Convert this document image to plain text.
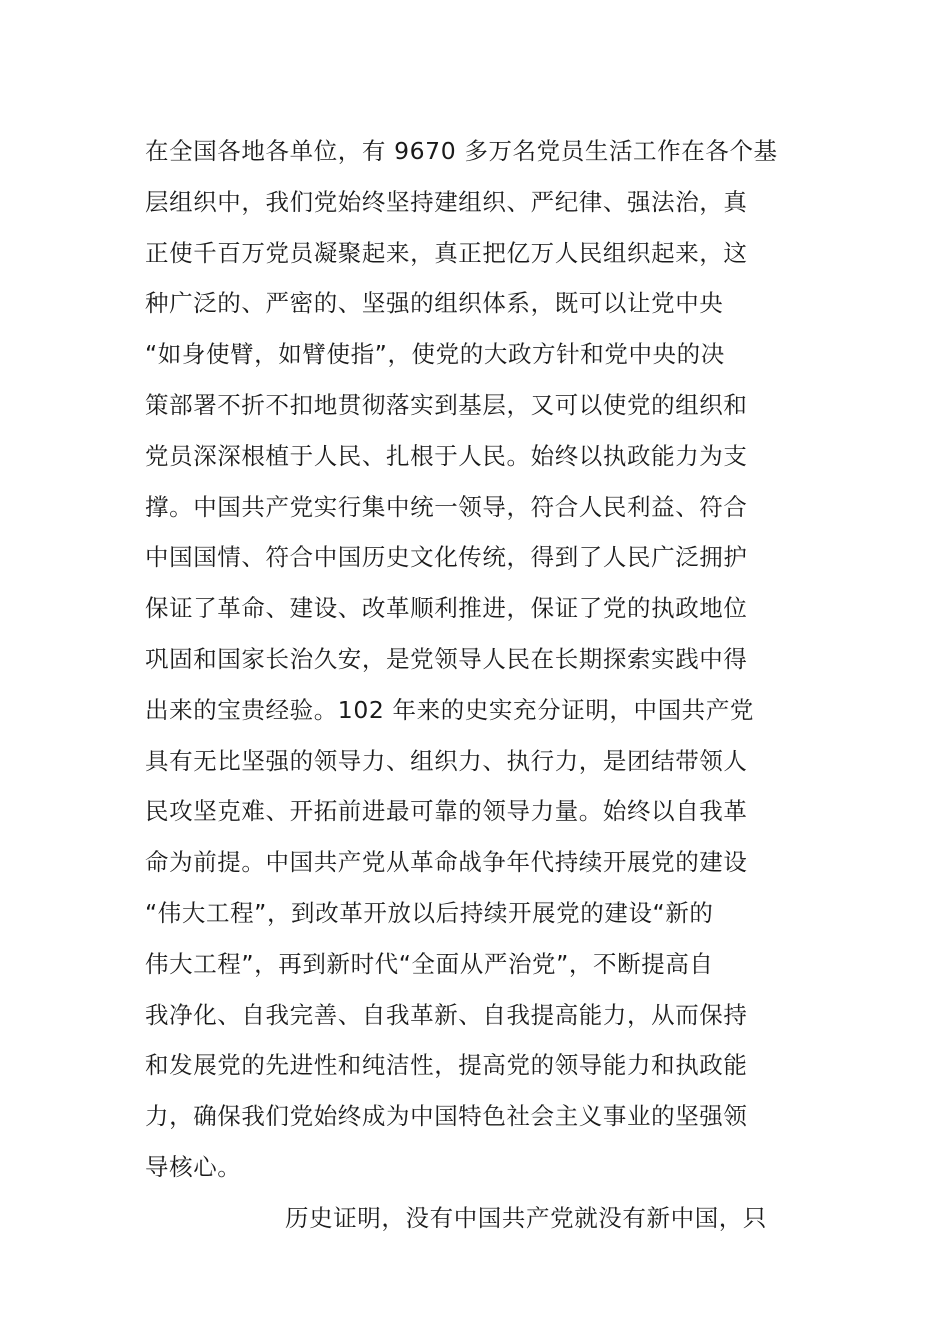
在全国各地各单位，有 9670 多万名党员生活工作在各个基
层组织中，我们党始终坚持建组织、严纪律、强法治，真
正使千百万党员凝聚起来，真正把亿万人民组织起来，这
种广泛的、严密的、坚强的组织体系，既可以让党中央
“如身使臂，如臂使指”，使党的大政方针和党中央的决
策部署不折不扣地贯彻落实到基层，又可以使党的组织和
党员深深根植于人民、扎根于人民。始终以执政能力为支
撑。中国共产党实行集中统一领导，符合人民利益、符合
中国国情、符合中国历史文化传统，得到了人民广泛拥护
保证了革命、建设、改革顺利推进，保证了党的执政地位
巩固和国家长治久安，是党领导人民在长期探索实践中得
出来的宝贵经验。102 年来的史实充分证明，中国共产党
具有无比坚强的领导力、组织力、执行力，是团结带领人
民攻坚克难、开拓前进最可靠的领导力量。始终以自我革
命为前提。中国共产党从革命战争年代持续开展党的建设
“伟大工程”，到改革开放以后持续开展党的建设“新的
伟大工程”，再到新时代“全面从严治党”，不断提高自
我净化、自我完善、自我革新、自我提高能力，从而保持
和发展党的先进性和纯洁性，提高党的领导能力和执政能
力，确保我们党始终成为中国特色社会主义事业的坚强领
导核心。
历史证明，没有中国共产党就没有新中国，只
